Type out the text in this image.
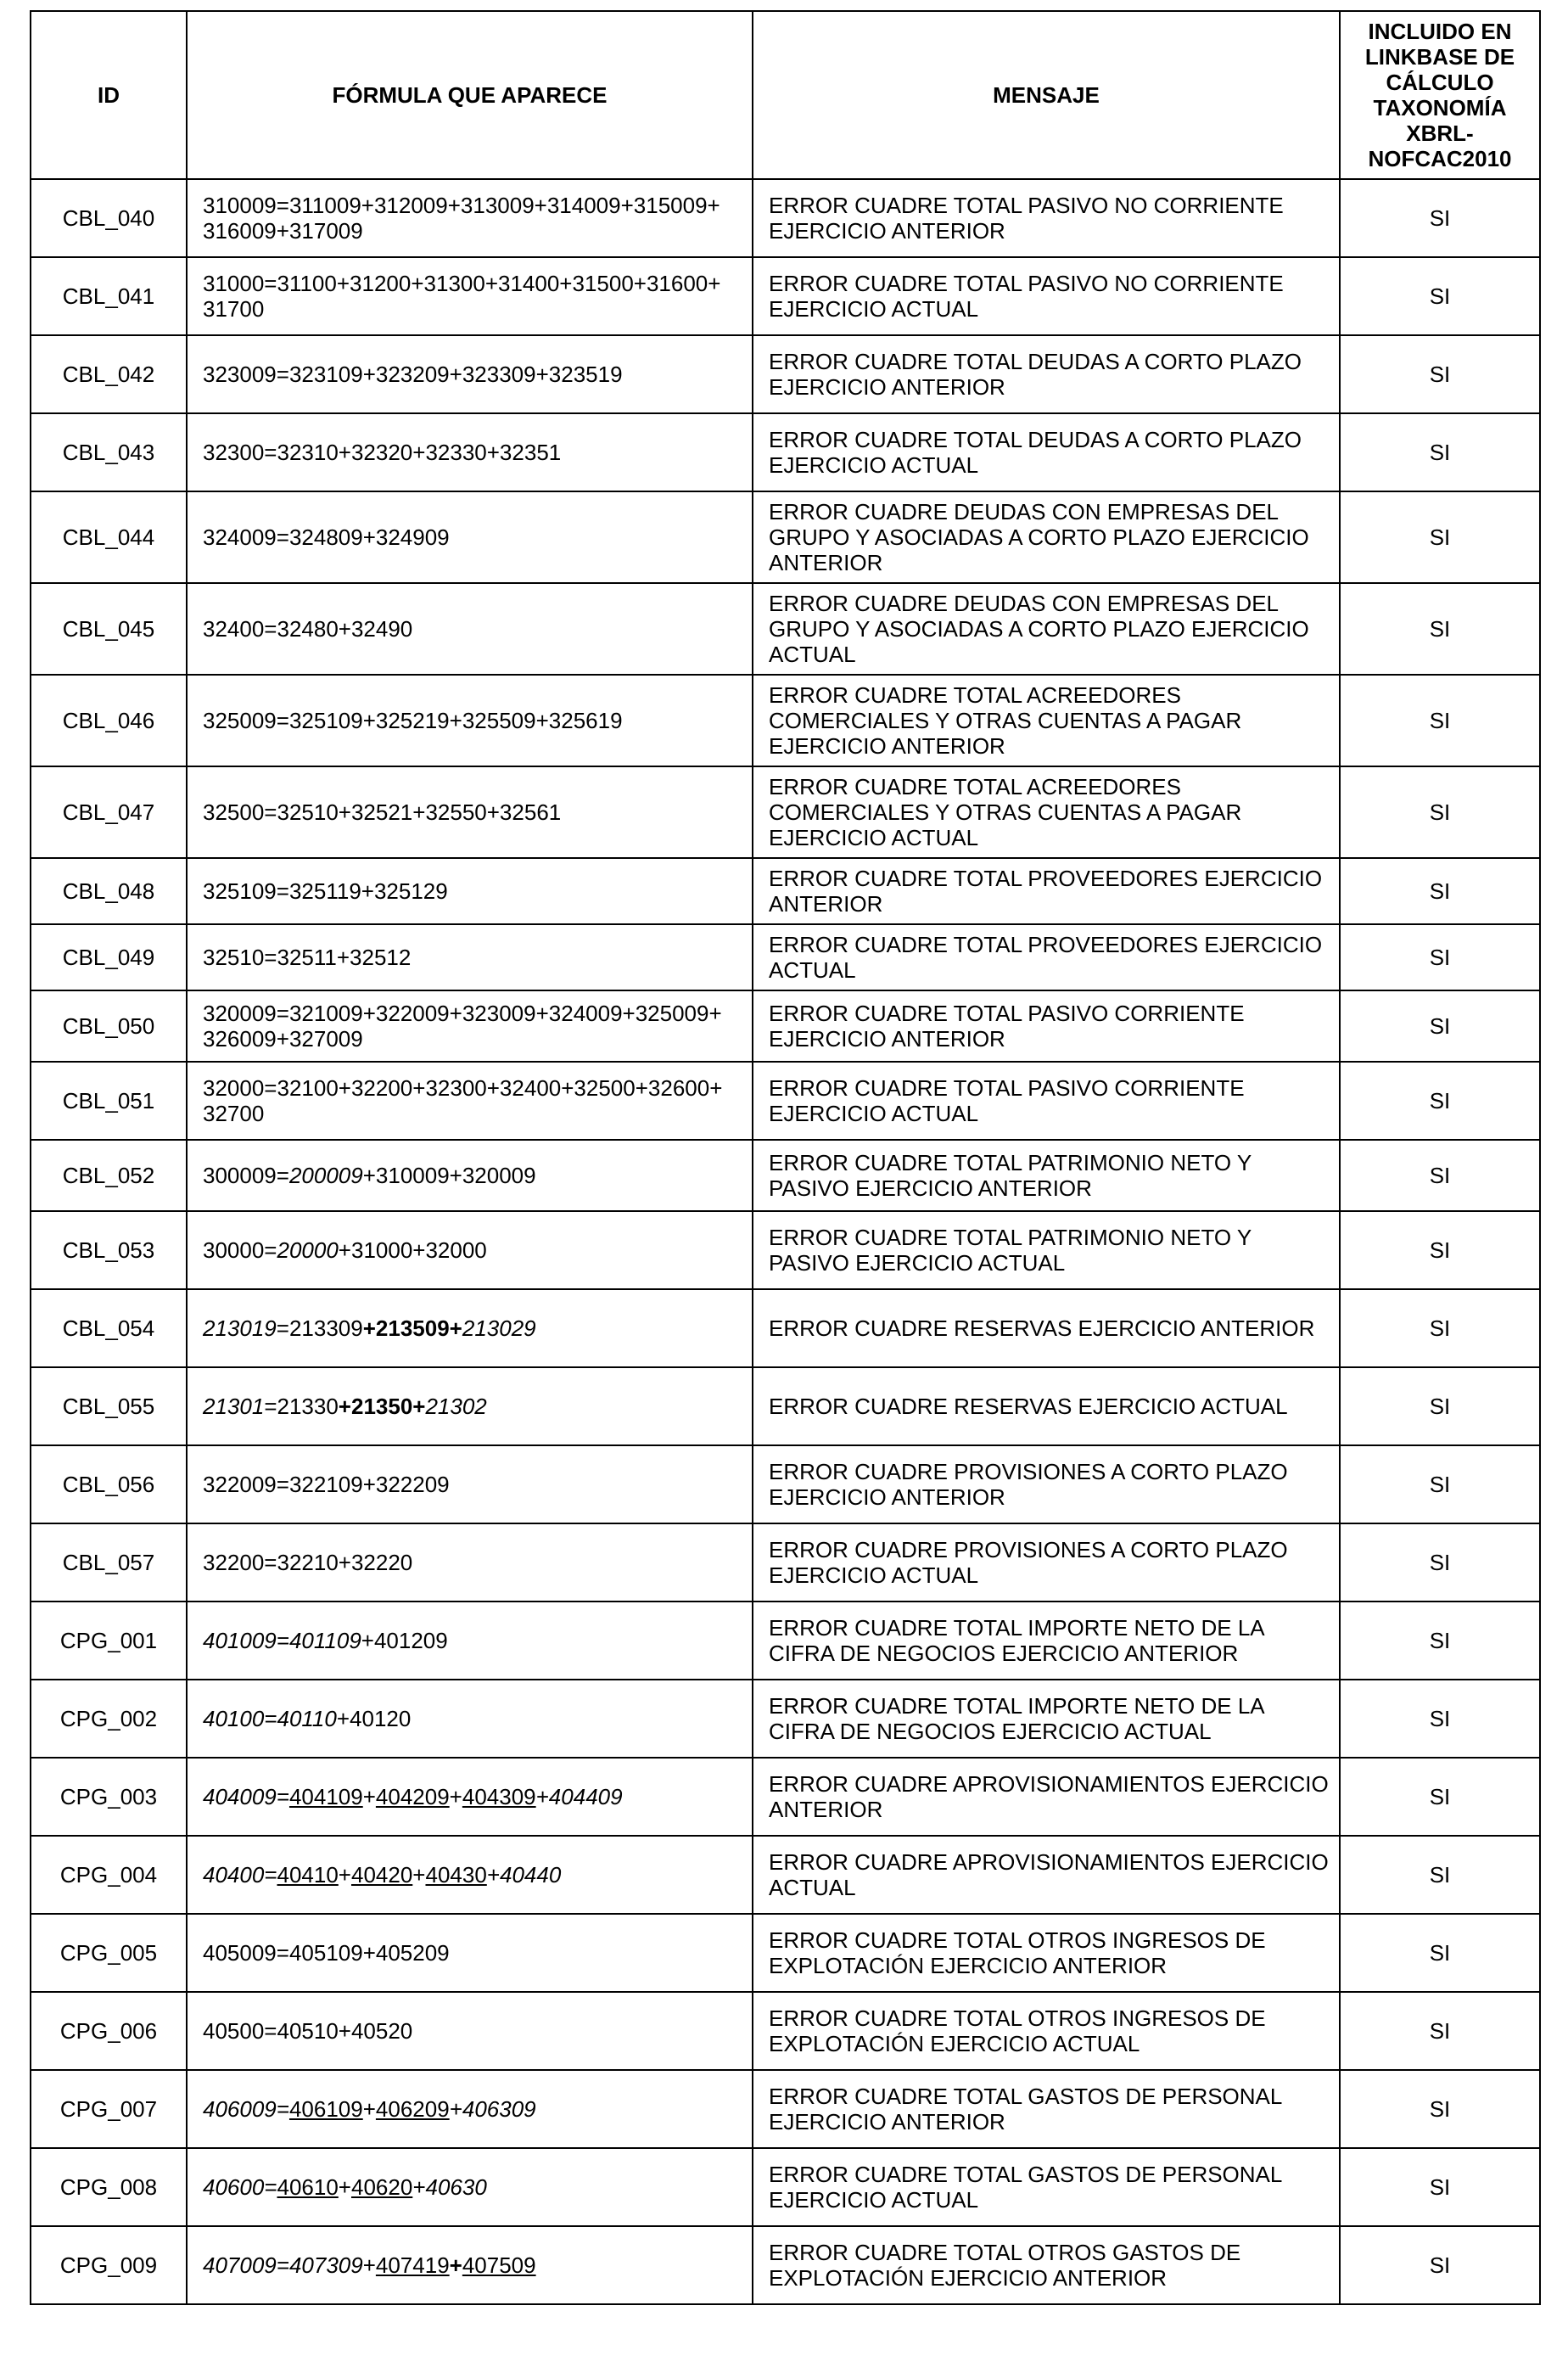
ID	FÓRMULA QUE APARECE	MENSAJE	INCLUIDO EN LINKBASE DE CÁLCULO TAXONOMÍA XBRL-NOFCAC2010
CBL_040	310009=311009+312009+313009+314009+315009+ 316009+317009	ERROR CUADRE TOTAL PASIVO NO CORRIENTE EJERCICIO ANTERIOR	SI
CBL_041	31000=31100+31200+31300+31400+31500+31600+ 31700	ERROR CUADRE TOTAL PASIVO NO CORRIENTE EJERCICIO ACTUAL	SI
CBL_042	323009=323109+323209+323309+323519	ERROR CUADRE TOTAL DEUDAS A CORTO PLAZO EJERCICIO ANTERIOR	SI
CBL_043	32300=32310+32320+32330+32351	ERROR CUADRE TOTAL DEUDAS A CORTO PLAZO EJERCICIO ACTUAL	SI
CBL_044	324009=324809+324909	ERROR CUADRE DEUDAS CON EMPRESAS DEL GRUPO Y ASOCIADAS A CORTO PLAZO EJERCICIO ANTERIOR	SI
CBL_045	32400=32480+32490	ERROR CUADRE DEUDAS CON EMPRESAS DEL GRUPO Y ASOCIADAS A CORTO PLAZO EJERCICIO ACTUAL	SI
CBL_046	325009=325109+325219+325509+325619	ERROR CUADRE TOTAL ACREEDORES COMERCIALES Y OTRAS CUENTAS A PAGAR EJERCICIO ANTERIOR	SI
CBL_047	32500=32510+32521+32550+32561	ERROR CUADRE TOTAL ACREEDORES COMERCIALES Y OTRAS CUENTAS A PAGAR EJERCICIO ACTUAL	SI
CBL_048	325109=325119+325129	ERROR CUADRE TOTAL PROVEEDORES EJERCICIO ANTERIOR	SI
CBL_049	32510=32511+32512	ERROR CUADRE TOTAL PROVEEDORES EJERCICIO ACTUAL	SI
CBL_050	320009=321009+322009+323009+324009+325009+ 326009+327009	ERROR CUADRE TOTAL PASIVO CORRIENTE EJERCICIO ANTERIOR	SI
CBL_051	32000=32100+32200+32300+32400+32500+32600+ 32700	ERROR CUADRE TOTAL PASIVO CORRIENTE EJERCICIO ACTUAL	SI
CBL_052	300009=200009+310009+320009	ERROR CUADRE TOTAL PATRIMONIO NETO Y PASIVO EJERCICIO ANTERIOR	SI
CBL_053	30000=20000+31000+32000	ERROR CUADRE TOTAL PATRIMONIO NETO Y PASIVO EJERCICIO ACTUAL	SI
CBL_054	213019=213309+213509+213029	ERROR CUADRE RESERVAS EJERCICIO ANTERIOR	SI
CBL_055	21301=21330+21350+21302	ERROR CUADRE RESERVAS EJERCICIO ACTUAL	SI
CBL_056	322009=322109+322209	ERROR CUADRE PROVISIONES A CORTO PLAZO EJERCICIO ANTERIOR	SI
CBL_057	32200=32210+32220	ERROR CUADRE PROVISIONES A CORTO PLAZO EJERCICIO ACTUAL	SI
CPG_001	401009=401109+401209	ERROR CUADRE TOTAL IMPORTE NETO DE LA CIFRA DE NEGOCIOS EJERCICIO ANTERIOR	SI
CPG_002	40100=40110+40120	ERROR CUADRE TOTAL IMPORTE NETO DE LA CIFRA DE NEGOCIOS EJERCICIO ACTUAL	SI
CPG_003	404009=404109+404209+404309+404409	ERROR CUADRE APROVISIONAMIENTOS EJERCICIO ANTERIOR	SI
CPG_004	40400=40410+40420+40430+40440	ERROR CUADRE APROVISIONAMIENTOS EJERCICIO ACTUAL	SI
CPG_005	405009=405109+405209	ERROR CUADRE TOTAL OTROS INGRESOS DE EXPLOTACIÓN EJERCICIO ANTERIOR	SI
CPG_006	40500=40510+40520	ERROR CUADRE TOTAL OTROS INGRESOS DE EXPLOTACIÓN EJERCICIO ACTUAL	SI
CPG_007	406009=406109+406209+406309	ERROR CUADRE TOTAL GASTOS DE PERSONAL EJERCICIO ANTERIOR	SI
CPG_008	40600=40610+40620+40630	ERROR CUADRE TOTAL GASTOS DE PERSONAL EJERCICIO ACTUAL	SI
CPG_009	407009=407309+407419+407509	ERROR CUADRE TOTAL OTROS GASTOS DE EXPLOTACIÓN EJERCICIO ANTERIOR	SI
